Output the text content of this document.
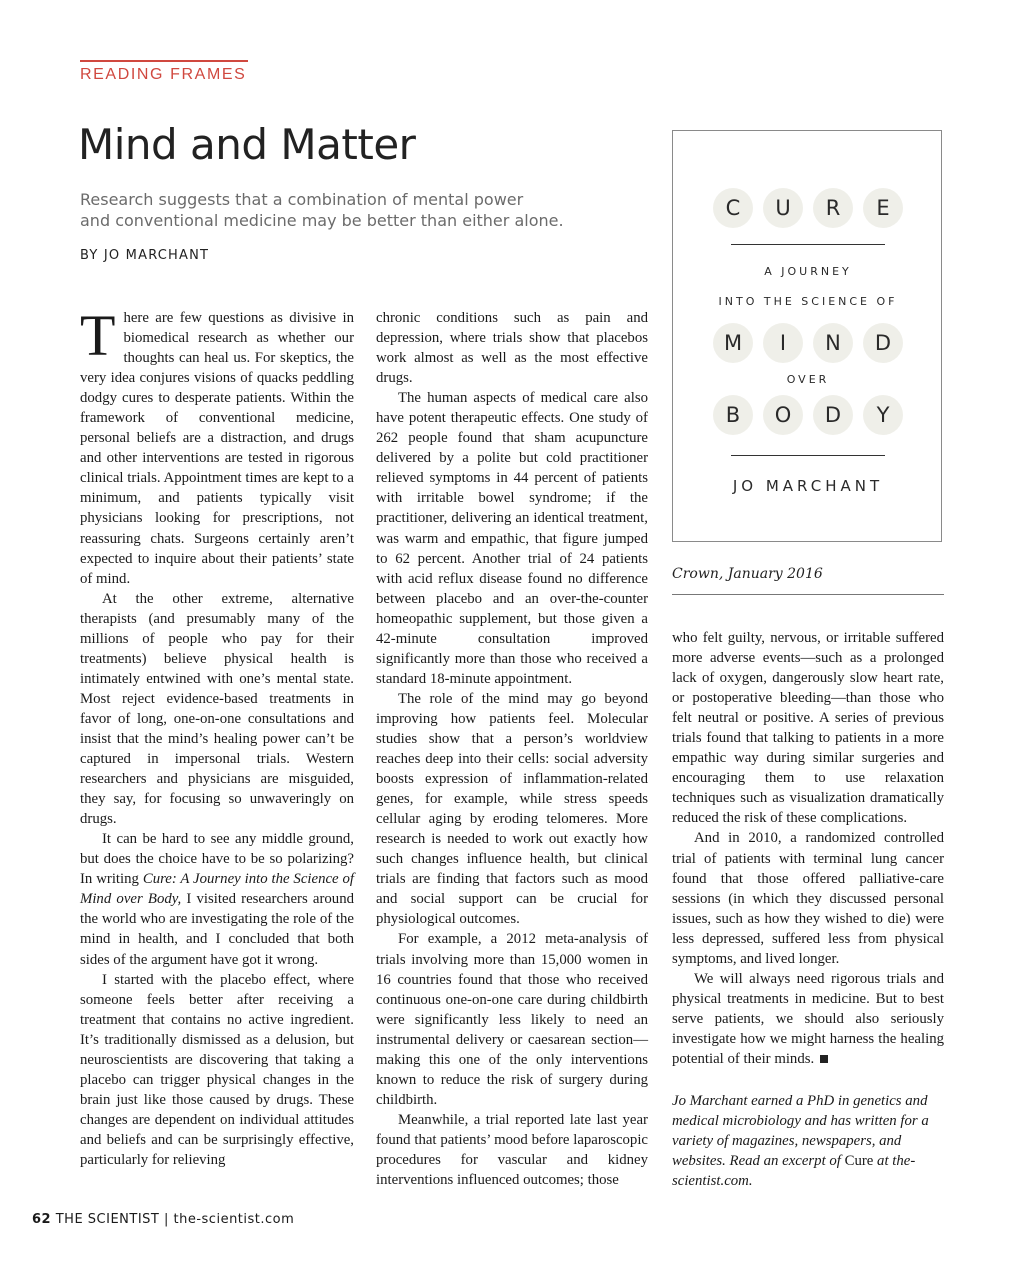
READING FRAMES
Mind and Matter
Research suggests that a combination of mental power
and conventional medicine may be better than either alone.
BY JO MARCHANT
C	U	R	E
A JOURNEY
INTO THE SCIENCE OF
M	I	N	D
OVER
B	O	D	Y
JO MARCHANT
Crown, January 2016

There are few questions as divisive in biomedical research as whether our thoughts can heal us. For skeptics, the very idea conjures visions of quacks peddling dodgy cures to desperate patients. Within the framework of conventional medicine, personal beliefs are a distraction, and drugs and other interventions are tested in rigorous clinical trials. Appointment times are kept to a minimum, and patients typically visit physicians looking for prescriptions, not reassuring chats. Surgeons certainly aren’t expected to inquire about their patients’ state of mind.

At the other extreme, alternative therapists (and presumably many of the millions of people who pay for their treatments) believe physical health is intimately entwined with one’s mental state. Most reject evidence-based treatments in favor of long, one-on-one consultations and insist that the mind’s healing power can’t be captured in impersonal trials. Western researchers and physicians are misguided, they say, for focusing so unwaveringly on drugs.

It can be hard to see any middle ground, but does the choice have to be so polarizing? In writing Cure: A Journey into the Science of Mind over Body, I visited researchers around the world who are investigating the role of the mind in health, and I concluded that both sides of the argument have got it wrong.

I started with the placebo effect, where someone feels better after receiving a treatment that contains no active ingredient. It’s traditionally dismissed as a delusion, but neuroscientists are discovering that taking a placebo can trigger physical changes in the brain just like those caused by drugs. These changes are dependent on individual attitudes and beliefs and can be surprisingly effective, particularly for relieving

chronic conditions such as pain and depression, where trials show that placebos work almost as well as the most effective drugs.

The human aspects of medical care also have potent therapeutic effects. One study of 262 people found that sham acupuncture delivered by a polite but cold practitioner relieved symptoms in 44 percent of patients with irritable bowel syndrome; if the practitioner, delivering an identical treatment, was warm and empathic, that figure jumped to 62 percent. Another trial of 24 patients with acid reflux disease found no difference between placebo and an over-the-counter homeopathic supplement, but those given a 42-minute consultation improved significantly more than those who received a standard 18-minute appointment.

The role of the mind may go beyond improving how patients feel. Molecular studies show that a person’s worldview reaches deep into their cells: social adversity boosts expression of inflammation-related genes, for example, while stress speeds cellular aging by eroding telomeres. More research is needed to work out exactly how such changes influence health, but clinical trials are finding that factors such as mood and social support can be crucial for physiological outcomes.

For example, a 2012 meta-analysis of trials involving more than 15,000 women in 16 countries found that those who received continuous one-on-one care during childbirth were significantly less likely to need an instrumental delivery or caesarean section—making this one of the only interventions known to reduce the risk of surgery during childbirth.

Meanwhile, a trial reported late last year found that patients’ mood before laparoscopic procedures for vascular and kidney interventions influenced outcomes; those

who felt guilty, nervous, or irritable suffered more adverse events—such as a prolonged lack of oxygen, dangerously slow heart rate, or postoperative bleeding—than those who felt neutral or positive. A series of previous trials found that talking to patients in a more empathic way during similar surgeries and encouraging them to use relaxation techniques such as visualization dramatically reduced the risk of these complications.

And in 2010, a randomized controlled trial of patients with terminal lung cancer found that those offered palliative-care sessions (in which they discussed personal issues, such as how they wished to die) were less depressed, suffered less from physical symptoms, and lived longer.

We will always need rigorous trials and physical treatments in medicine. But to best serve patients, we should also seriously investigate how we might harness the healing potential of their minds.

Jo Marchant earned a PhD in genetics and medical microbiology and has written for a variety of magazines, newspapers, and websites. Read an excerpt of Cure at the-scientist.com.

62 THE SCIENTIST | the-scientist.com
